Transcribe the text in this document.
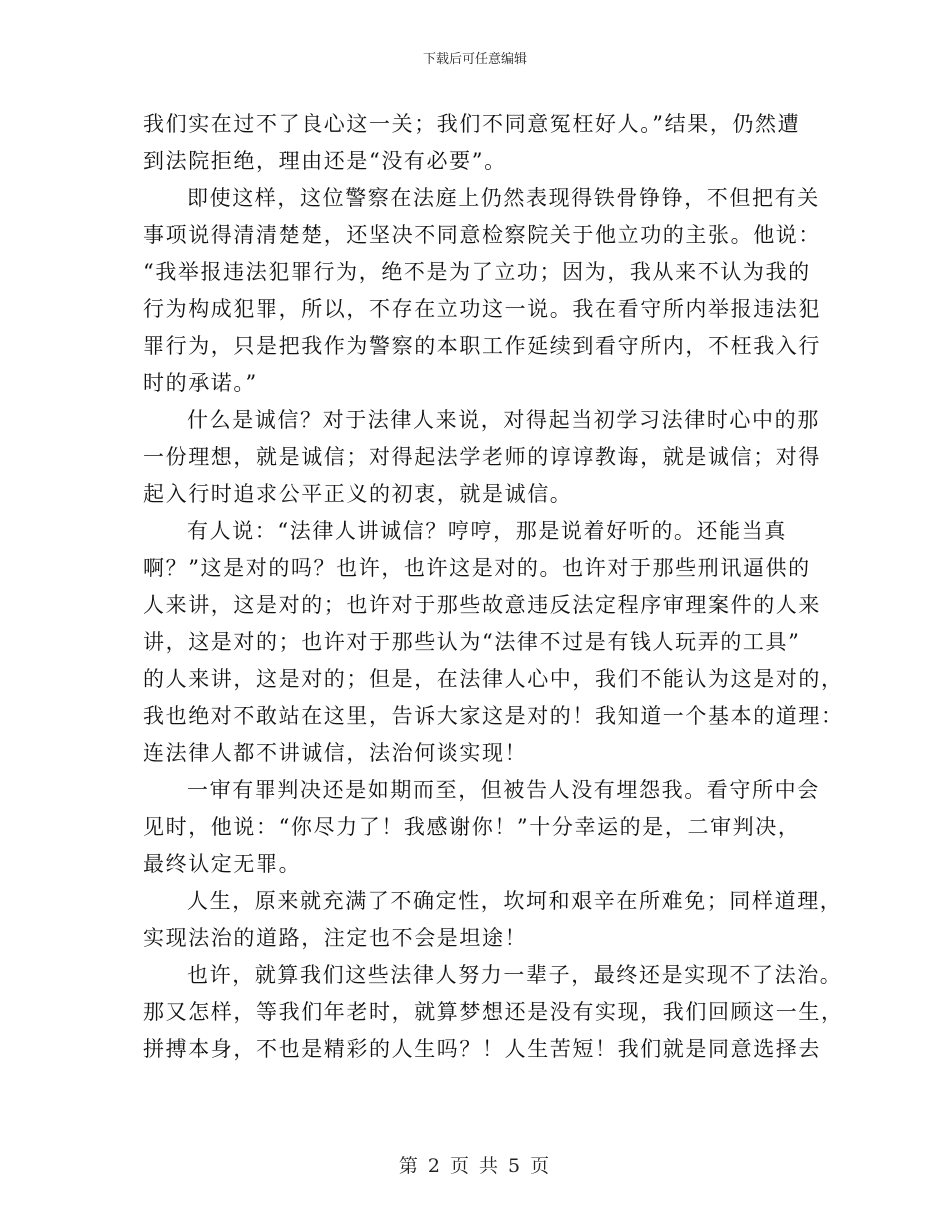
下载后可任意编辑
我们实在过不了良心这一关；我们不同意冤枉好人。”结果，仍然遭
到法院拒绝，理由还是“没有必要”。
即使这样，这位警察在法庭上仍然表现得铁骨铮铮，不但把有关
事项说得清清楚楚，还坚决不同意检察院关于他立功的主张。他说：
“我举报违法犯罪行为，绝不是为了立功；因为，我从来不认为我的
行为构成犯罪，所以，不存在立功这一说。我在看守所内举报违法犯
罪行为，只是把我作为警察的本职工作延续到看守所内，不枉我入行
时的承诺。”
什么是诚信？对于法律人来说，对得起当初学习法律时心中的那
一份理想，就是诚信；对得起法学老师的谆谆教诲，就是诚信；对得
起入行时追求公平正义的初衷，就是诚信。
有人说：“法律人讲诚信？哼哼，那是说着好听的。还能当真
啊？”这是对的吗？也许，也许这是对的。也许对于那些刑讯逼供的
人来讲，这是对的；也许对于那些故意违反法定程序审理案件的人来
讲，这是对的；也许对于那些认为“法律不过是有钱人玩弄的工具”
的人来讲，这是对的；但是，在法律人心中，我们不能认为这是对的，
我也绝对不敢站在这里，告诉大家这是对的！我知道一个基本的道理：
连法律人都不讲诚信，法治何谈实现！
一审有罪判决还是如期而至，但被告人没有埋怨我。看守所中会
见时，他说：“你尽力了！我感谢你！”十分幸运的是，二审判决，
最终认定无罪。
人生，原来就充满了不确定性，坎坷和艰辛在所难免；同样道理，
实现法治的道路，注定也不会是坦途！
也许，就算我们这些法律人努力一辈子，最终还是实现不了法治。
那又怎样，等我们年老时，就算梦想还是没有实现，我们回顾这一生，
拼搏本身，不也是精彩的人生吗？！人生苦短！我们就是同意选择去
第 2 页 共 5 页
